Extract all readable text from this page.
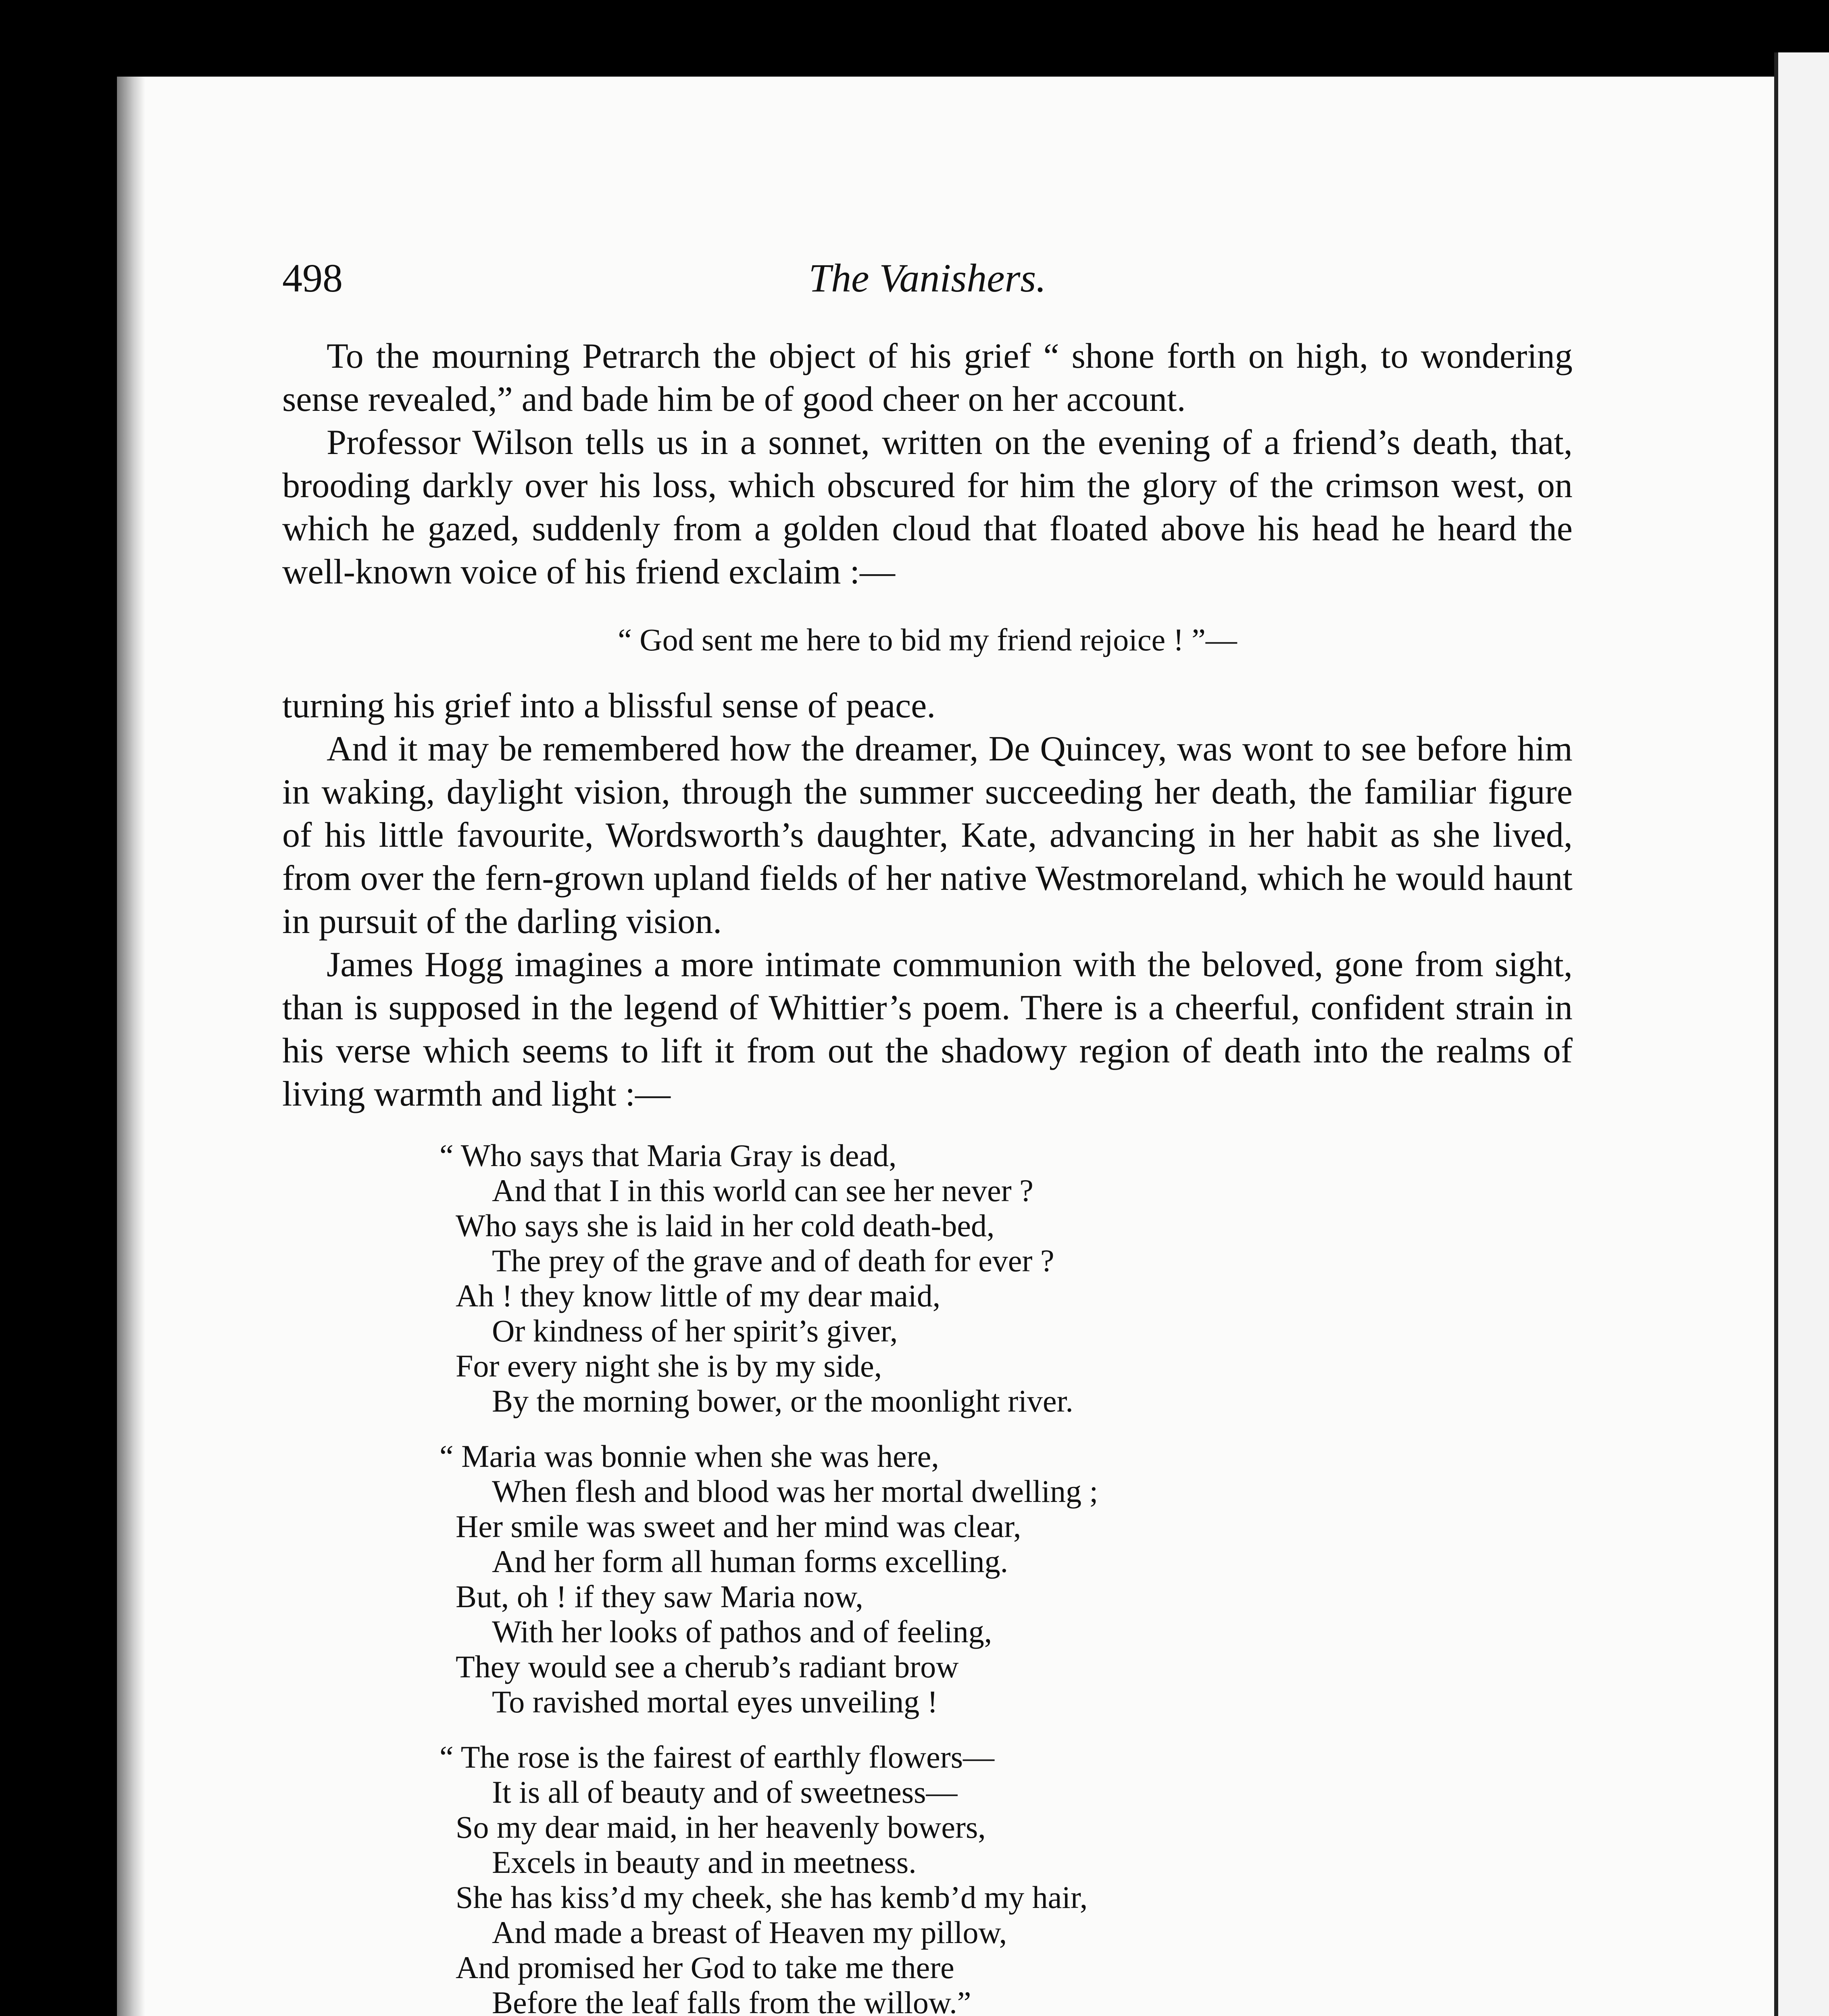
498	The Vanishers.

To the mourning Petrarch the object of his grief “ shone forth on high, to wondering sense revealed,” and bade him be of good cheer on her account.

Professor Wilson tells us in a sonnet, written on the evening of a friend’s death, that, brooding darkly over his loss, which obscured for him the glory of the crimson west, on which he gazed, suddenly from a golden cloud that floated above his head he heard the well-known voice of his friend exclaim :—

“ God sent me here to bid my friend rejoice ! ”—

turning his grief into a blissful sense of peace.

And it may be remembered how the dreamer, De Quincey, was wont to see before him in waking, daylight vision, through the summer succeeding her death, the familiar figure of his little favourite, Wordsworth’s daughter, Kate, advancing in her habit as she lived, from over the fern-grown upland fields of her native Westmoreland, which he would haunt in pursuit of the darling vision.

James Hogg imagines a more intimate communion with the beloved, gone from sight, than is supposed in the legend of Whittier’s poem. There is a cheerful, confident strain in his verse which seems to lift it from out the shadowy region of death into the realms of living warmth and light :—

“ Who says that Maria Gray is dead,
And that I in this world can see her never ?
Who says she is laid in her cold death-bed,
The prey of the grave and of death for ever ?
Ah ! they know little of my dear maid,
Or kindness of her spirit’s giver,
For every night she is by my side,
By the morning bower, or the moonlight river.
“ Maria was bonnie when she was here,
When flesh and blood was her mortal dwelling ;
Her smile was sweet and her mind was clear,
And her form all human forms excelling.
But, oh ! if they saw Maria now,
With her looks of pathos and of feeling,
They would see a cherub’s radiant brow
To ravished mortal eyes unveiling !
“ The rose is the fairest of earthly flowers—
It is all of beauty and of sweetness—
So my dear maid, in her heavenly bowers,
Excels in beauty and in meetness.
She has kiss’d my cheek, she has kemb’d my hair,
And made a breast of Heaven my pillow,
And promised her God to take me there
Before the leaf falls from the willow.”
